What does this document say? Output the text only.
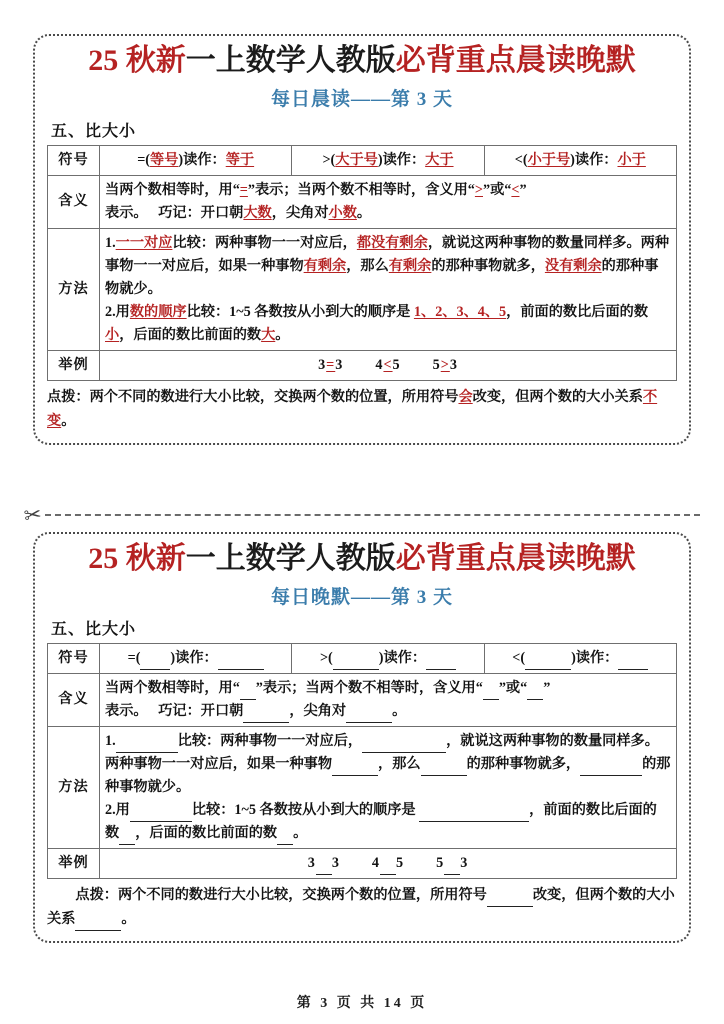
25 秋新一上数学人教版必背重点晨读晚默
每日晨读——第 3 天
五、比大小
符号	=(等号)读作：等于	>(大于号)读作：大于	<(小于号)读作：小于
含义	当两个数相等时，用“=”表示；当两个数不相等时，含义用“>”或“<”
表示。 巧记：开口朝大数，尖角对小数。		
方法	1.一一对应比较：两种事物一一对应后，都没有剩余，就说这两种事物的数量同样多。两种事物一一对应后，如果一种事物有剩余，那么有剩余的那种事物就多，没有剩余的那种事物就少。
2.用数的顺序比较：1~5 各数按从小到大的顺序是 1、2、3、4、5，前面的数比后面的数小，后面的数比前面的数大。		

举例	3=3 4<5 5>3		
点拨：两个不同的数进行大小比较，交换两个数的位置，所用符号会改变，但两个数的大小关系不变。
✂
25 秋新一上数学人教版必背重点晨读晚默
每日晚默——第 3 天
五、比大小
符号	=( )读作：	>( )读作：	<( )读作：
含义	当两个数相等时，用“ ”表示；当两个数不相等时，含义用“ ”或“ ”
表示。 巧记：开口朝 ，尖角对 。		
方法	1. 比较：两种事物一一对应后， ，就说这两种事物的数量同样多。两种事物一一对应后，如果一种事物 ，那么 的那种事物就多， 的那种事物就少。
2.用 比较：1~5 各数按从小到大的顺序是 ，前面的数比后面的数 ，后面的数比前面的数 。		

举例	3 3 4 5 5 3		
点拨：两个不同的数进行大小比较，交换两个数的位置，所用符号	改变，但两个数的大小关系	。
第 3 页 共 14 页
